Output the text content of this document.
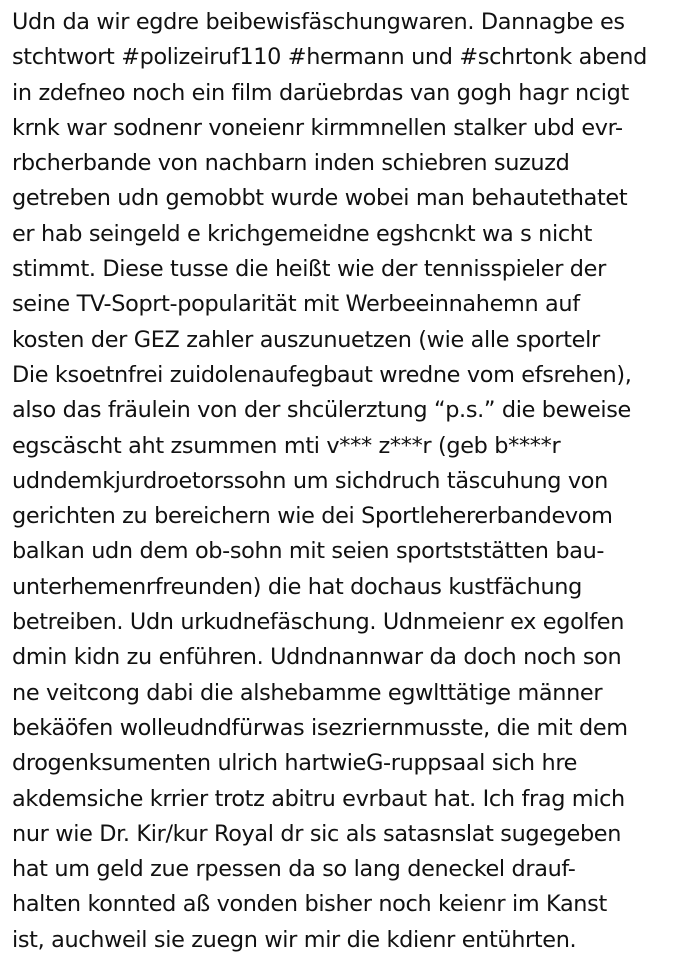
Udn da wir egdre beibewisfäschungwaren. Dannagbe es
stchtwort #polizeiruf110 #hermann und #schrtonk abend
in zdefneo noch ein film darüebrdas van gogh hagr ncigt
krnk war sodnenr voneienr kirmmnellen stalker ubd evr-
rbcherbande von nachbarn inden schiebren suzuzd
getreben udn gemobbt wurde wobei man behautethatet
er hab seingeld e krichgemeidne egshcnkt wa s nicht
stimmt. Diese tusse die heißt wie der tennisspieler der
seine TV-Soprt-popularität mit Werbeeinnahemn auf
kosten der GEZ zahler auszunuetzen (wie alle sportelr
Die ksoetnfrei zuidolenaufegbaut wredne vom efsrehen),
also das fräulein von der shcülerztung “p.s.” die beweise
egscäscht aht zsummen mti v*** z***r (geb b****r
udndemkjurdroetorssohn um sichdruch täscuhung von
gerichten zu bereichern wie dei Sportlehererbandevom
balkan udn dem ob-sohn mit seien sportststätten bau-
unterhemenrfreunden) die hat dochaus kustfächung
betreiben. Udn urkudnefäschung. Udnmeienr ex egolfen
dmin kidn zu enführen. Udndnannwar da doch noch son
ne veitcong dabi die alshebamme egwlttätige männer
bekäöfen wolleudndfürwas isezriernmusste, die mit dem
drogenksumenten ulrich hartwieG-ruppsaal sich hre
akdemsiche krrier trotz abitru evrbaut hat. Ich frag mich
nur wie Dr. Kir/kur Royal dr sic als satasnslat sugegeben
hat um geld zue rpessen da so lang deneckel drauf-
halten konnted aß vonden bisher noch keienr im Kanst
ist, auchweil sie zuegn wir mir die kdienr entührten.
